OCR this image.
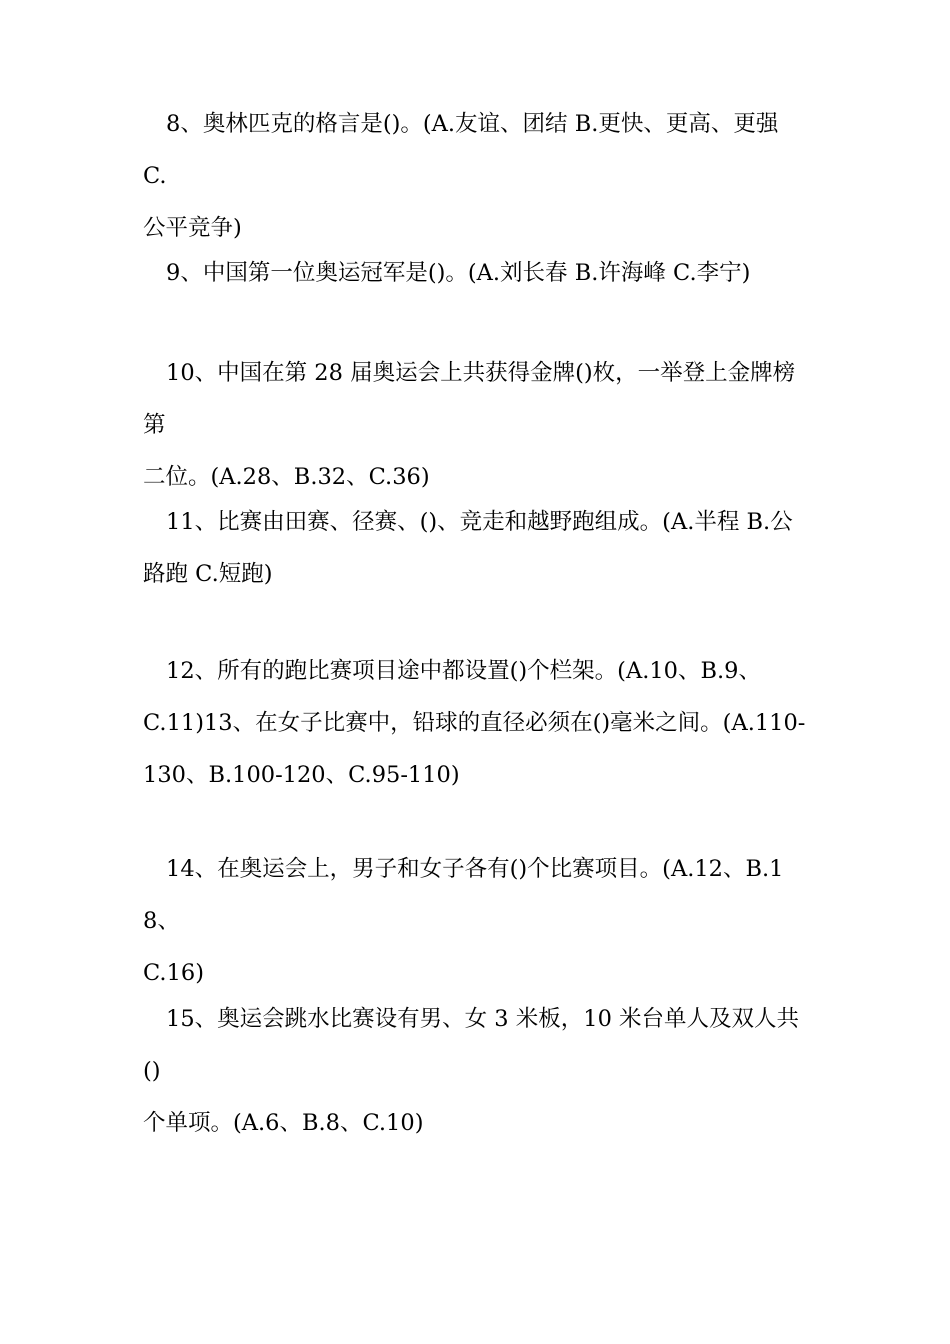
8、奥林匹克的格言是()。(A.友谊、团结 B.更快、更高、更强 C.
公平竞争)
9、中国第一位奥运冠军是()。(A.刘长春 B.许海峰 C.李宁)
10、中国在第 28 届奥运会上共获得金牌()枚，一举登上金牌榜第
二位。(A.28、B.32、C.36)
11、比赛由田赛、径赛、()、竞走和越野跑组成。(A.半程 B.公
路跑 C.短跑)
12、所有的跑比赛项目途中都设置()个栏架。(A.10、B.9、
C.11)13、在女子比赛中，铅球的直径必须在()毫米之间。(A.110-
130、B.100-120、C.95-110)
14、在奥运会上，男子和女子各有()个比赛项目。(A.12、B.18、
C.16)
15、奥运会跳水比赛设有男、女 3 米板，10 米台单人及双人共()
个单项。(A.6、B.8、C.10)
